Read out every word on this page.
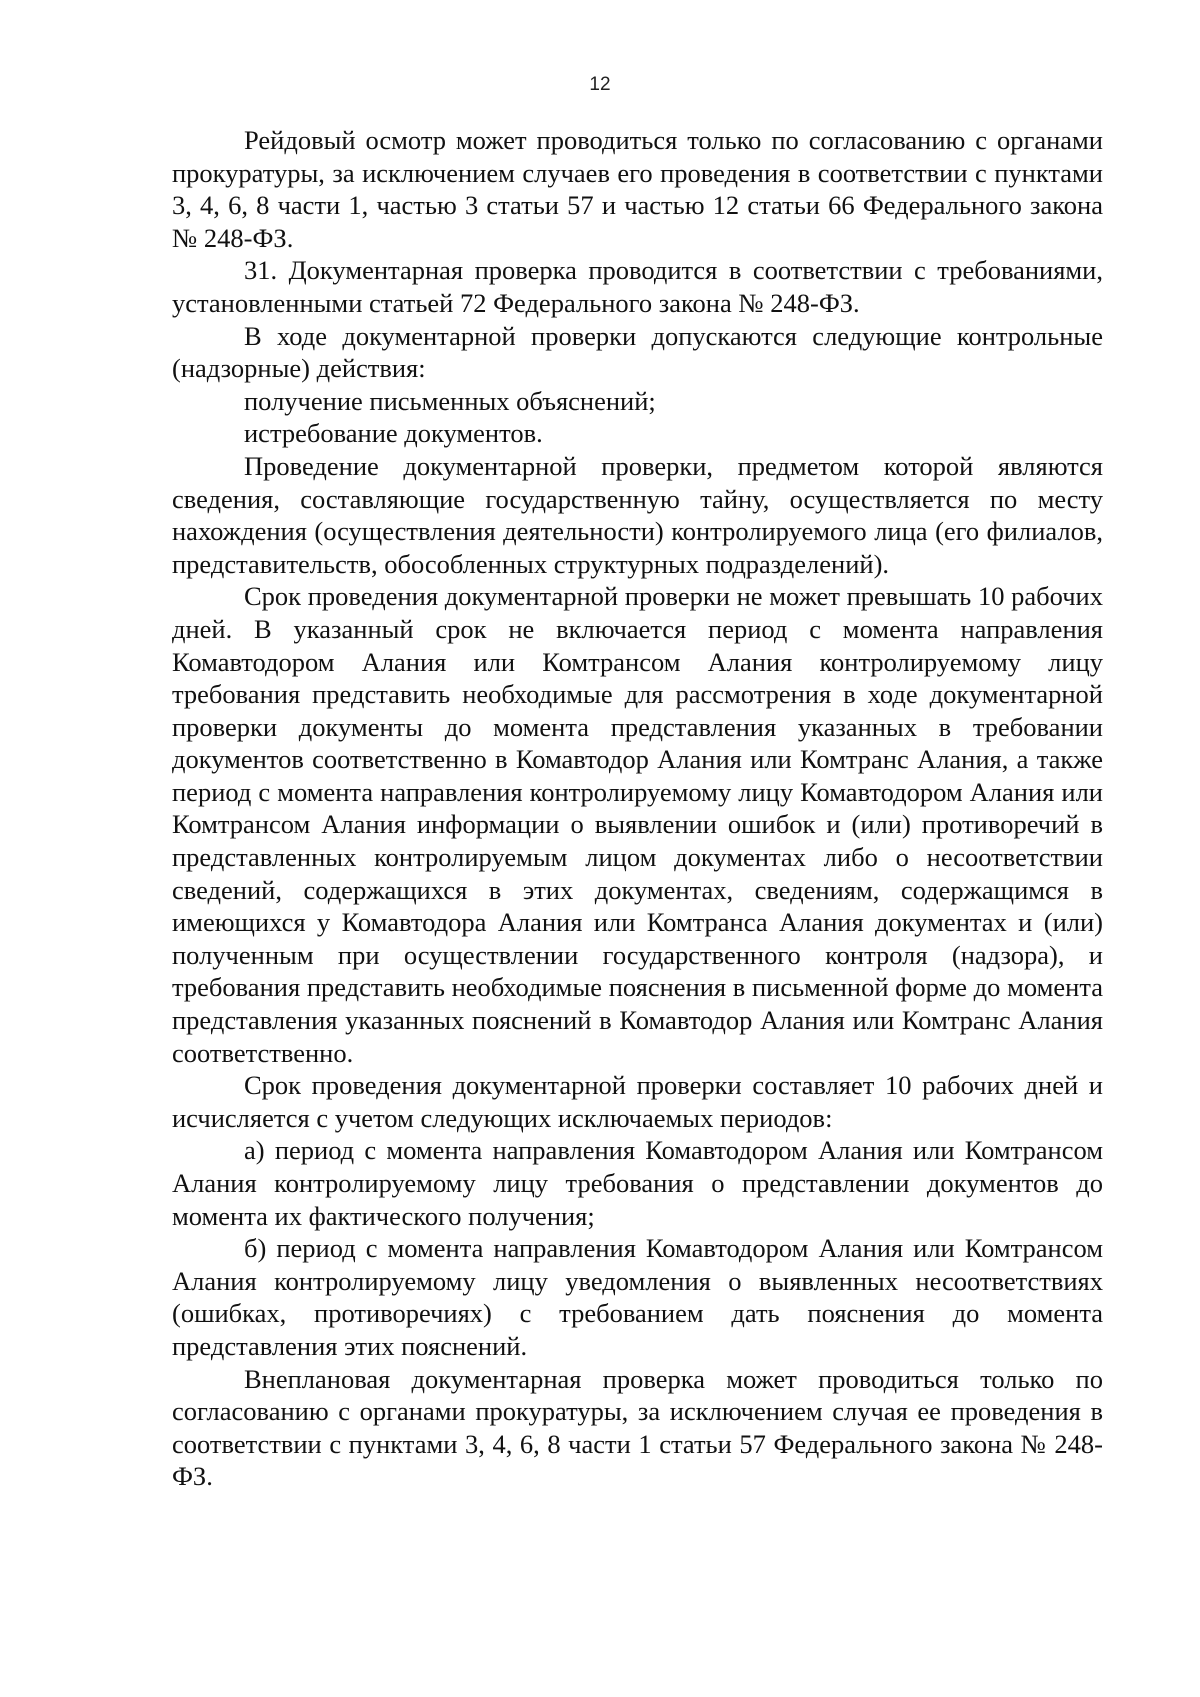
12

Рейдовый осмотр может проводиться только по согласованию с органами прокуратуры, за исключением случаев его проведения в соответствии с пунктами 3, 4, 6, 8 части 1, частью 3 статьи 57 и частью 12 статьи 66 Федерального закона № 248-ФЗ.

31. Документарная проверка проводится в соответствии с требованиями, установленными статьей 72 Федерального закона № 248-ФЗ.

В ходе документарной проверки допускаются следующие контрольные (надзорные) действия:

получение письменных объяснений;

истребование документов.

Проведение документарной проверки, предметом которой являются сведения, составляющие государственную тайну, осуществляется по месту нахождения (осуществления деятельности) контролируемого лица (его филиалов, представительств, обособленных структурных подразделений).

Срок проведения документарной проверки не может превышать 10 рабочих дней. В указанный срок не включается период с момента направления Комавтодором Алания или Комтрансом Алания контролируемому лицу требования представить необходимые для рассмотрения в ходе документарной проверки документы до момента представления указанных в требовании документов соответственно в Комавтодор Алания или Комтранс Алания, а также период с момента направления контролируемому лицу Комавтодором Алания или Комтрансом Алания информации о выявлении ошибок и (или) противоречий в представленных контролируемым лицом документах либо о несоответствии сведений, содержащихся в этих документах, сведениям, содержащимся в имеющихся у Комавтодора Алания или Комтранса Алания документах и (или) полученным при осуществлении государственного контроля (надзора), и требования представить необходимые пояснения в письменной форме до момента представления указанных пояснений в Комавтодор Алания или Комтранс Алания соответственно.

Срок проведения документарной проверки составляет 10 рабочих дней и исчисляется с учетом следующих исключаемых периодов:

а) период с момента направления Комавтодором Алания или Комтрансом Алания контролируемому лицу требования о представлении документов до момента их фактического получения;

б) период с момента направления Комавтодором Алания или Комтрансом Алания контролируемому лицу уведомления о выявленных несоответствиях (ошибках, противоречиях) с требованием дать пояснения до момента представления этих пояснений.

Внеплановая документарная проверка может проводиться только по согласованию с органами прокуратуры, за исключением случая ее проведения в соответствии с пунктами 3, 4, 6, 8 части 1 статьи 57 Федерального закона № 248-ФЗ.
